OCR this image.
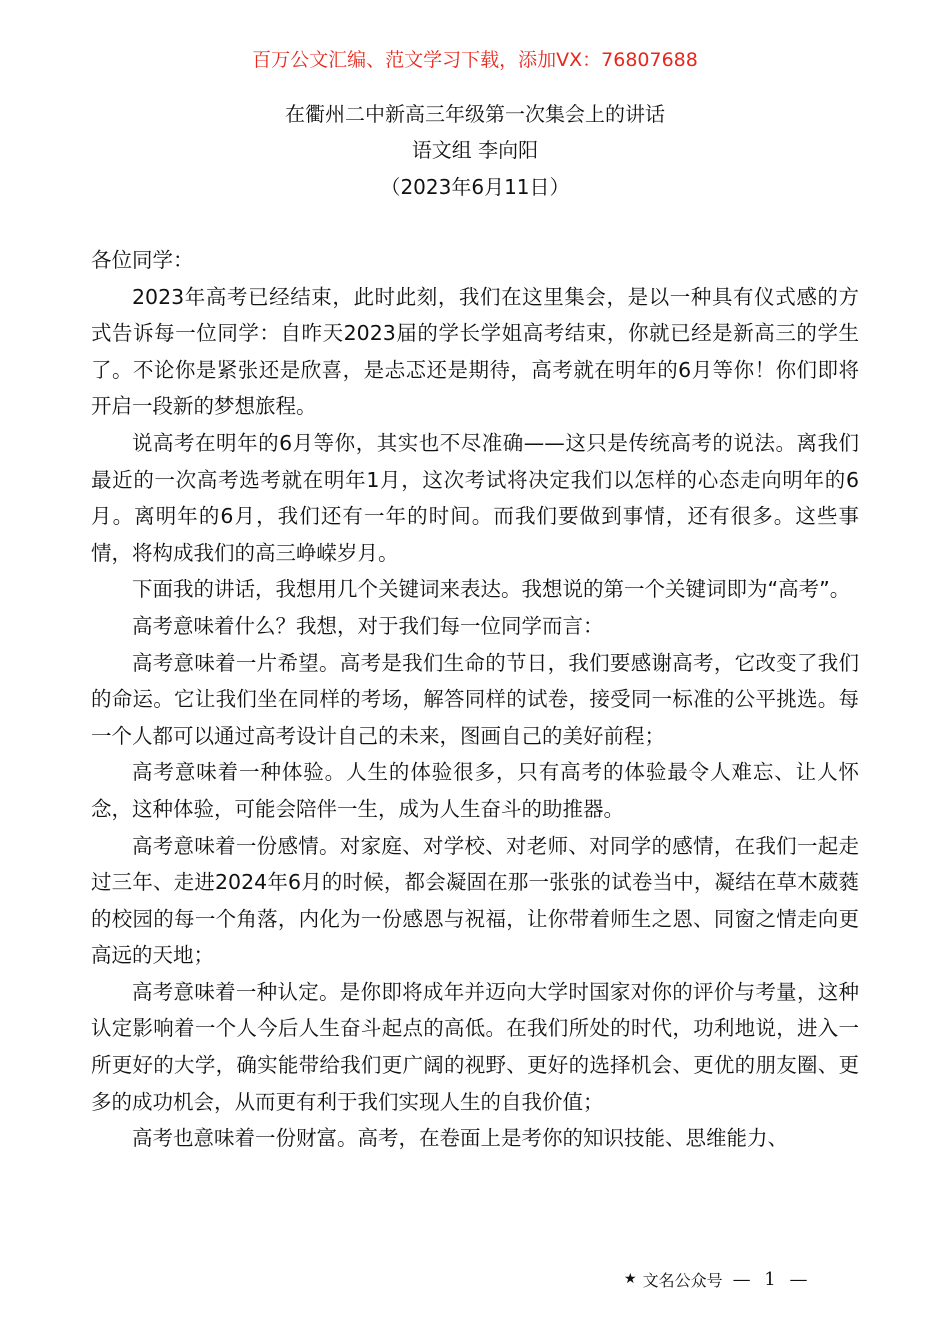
百万公文汇编、范文学习下载，添加VX：76807688
在衢州二中新高三年级第一次集会上的讲话
语文组 李向阳
（2023年6月11日）

各位同学：

2023年高考已经结束，此时此刻，我们在这里集会，是以一种具有仪式感的方式告诉每一位同学：自昨天2023届的学长学姐高考结束，你就已经是新高三的学生了。不论你是紧张还是欣喜，是忐忑还是期待，高考就在明年的6月等你！你们即将开启一段新的梦想旅程。

说高考在明年的6月等你，其实也不尽准确——这只是传统高考的说法。离我们最近的一次高考选考就在明年1月，这次考试将决定我们以怎样的心态走向明年的6月。离明年的6月，我们还有一年的时间。而我们要做到事情，还有很多。这些事情，将构成我们的高三峥嵘岁月。

下面我的讲话，我想用几个关键词来表达。我想说的第一个关键词即为“高考”。

高考意味着什么？我想，对于我们每一位同学而言：

高考意味着一片希望。高考是我们生命的节日，我们要感谢高考，它改变了我们的命运。它让我们坐在同样的考场，解答同样的试卷，接受同一标准的公平挑选。每一个人都可以通过高考设计自己的未来，图画自己的美好前程；

高考意味着一种体验。人生的体验很多，只有高考的体验最令人难忘、让人怀念，这种体验，可能会陪伴一生，成为人生奋斗的助推器。

高考意味着一份感情。对家庭、对学校、对老师、对同学的感情，在我们一起走过三年、走进2024年6月的时候，都会凝固在那一张张的试卷当中，凝结在草木葳蕤的校园的每一个角落，内化为一份感恩与祝福，让你带着师生之恩、同窗之情走向更高远的天地；

高考意味着一种认定。是你即将成年并迈向大学时国家对你的评价与考量，这种认定影响着一个人今后人生奋斗起点的高低。在我们所处的时代，功利地说，进入一所更好的大学，确实能带给我们更广阔的视野、更好的选择机会、更优的朋友圈、更多的成功机会，从而更有利于我们实现人生的自我价值；

高考也意味着一份财富。高考，在卷面上是考你的知识技能、思维能力、

★ 文名公众号 — 1 —
